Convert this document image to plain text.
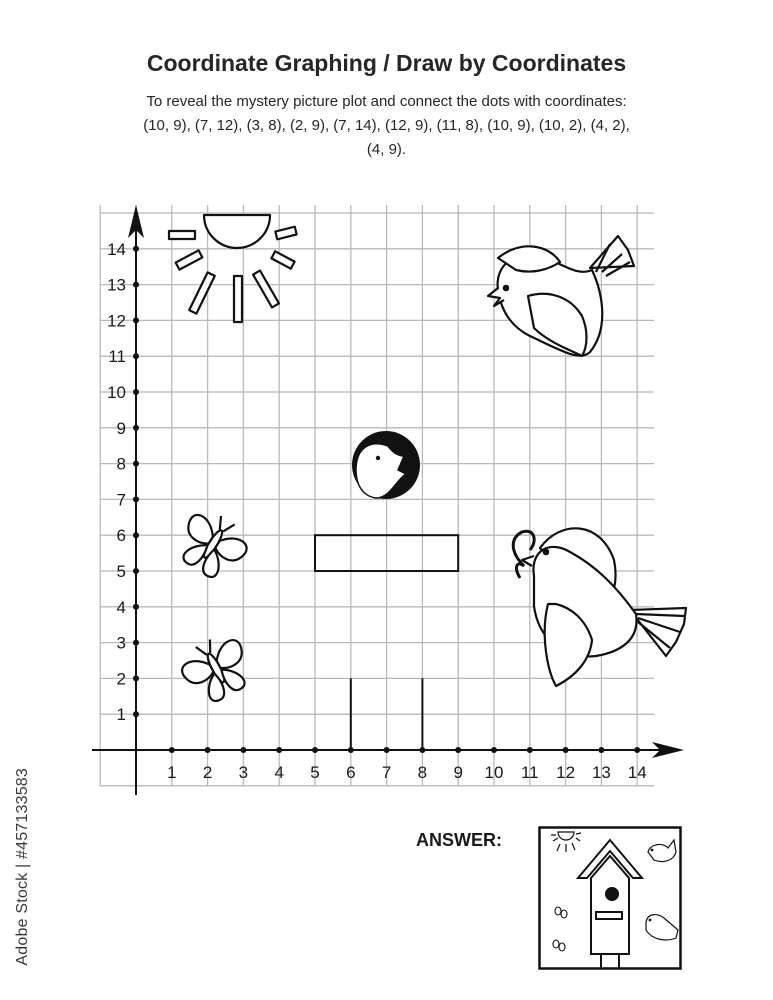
Coordinate Graphing / Draw by Coordinates
To reveal the mystery picture plot and connect the dots with coordinates:
(10, 9), (7, 12), (3, 8), (2, 9), (7, 14), (12, 9), (11, 8), (10, 9), (10, 2), (4, 2),
(4, 9).
1 2 3 4 5 6 7 8 9 10 11 12 13 14
1
2
3
4
5
6
7
8
9
10
11
12
13
14
ANSWER:
Adobe Stock | #457133583
